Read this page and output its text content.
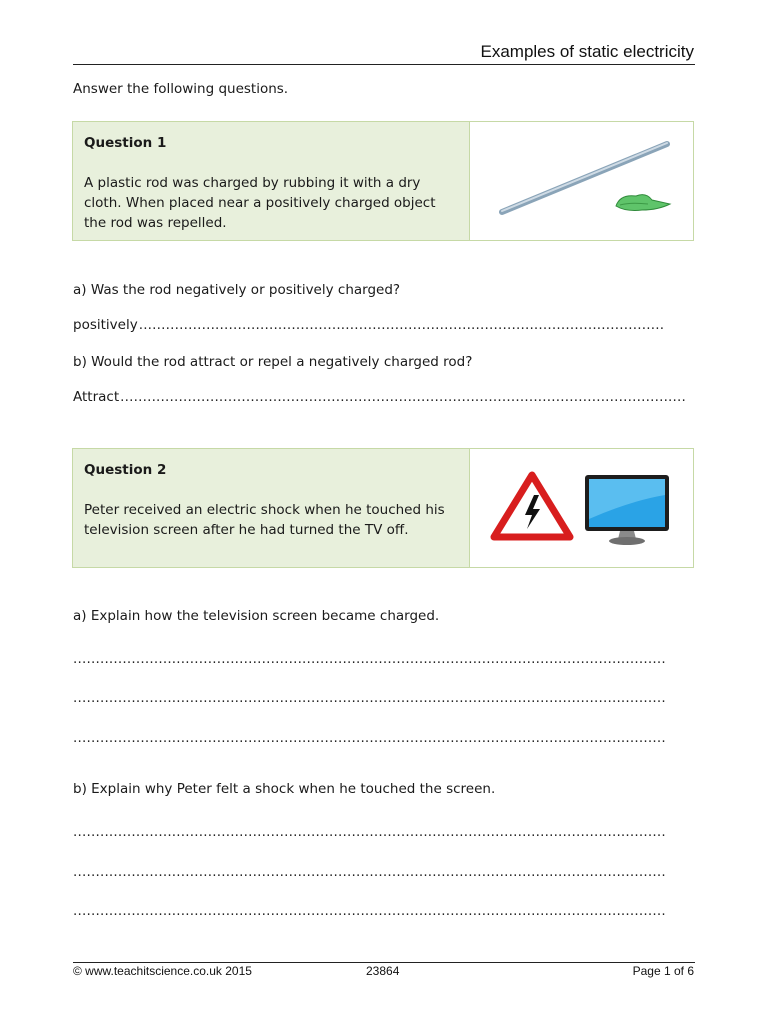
Examples of static electricity
Answer the following questions.
Question 1
A plastic rod was charged by rubbing it with a dry cloth. When placed near a positively charged object the rod was repelled.
a) Was the rod negatively or positively charged?
positively.....................................................................................................................
b) Would the rod attract or repel a negatively charged rod?
Attract..............................................................................................................................
Question 2
Peter received an electric shock when he touched his television screen after he had turned the TV off.
a) Explain how the television screen became charged.
....................................................................................................................................
....................................................................................................................................
....................................................................................................................................
b) Explain why Peter felt a shock when he touched the screen.
....................................................................................................................................
....................................................................................................................................
....................................................................................................................................
© www.teachitscience.co.uk 2015	23864	Page 1 of 6
